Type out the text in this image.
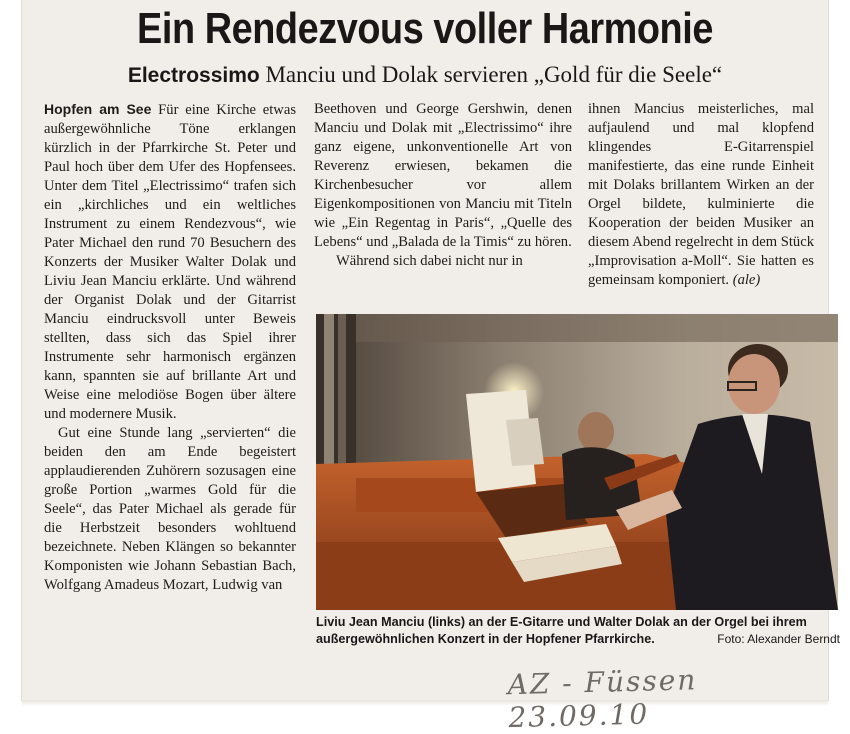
Ein Rendezvous voller Harmonie
Electrossimo Manciu und Dolak servieren „Gold für die Seele“

Hopfen am See Für eine Kirche etwas außergewöhnliche Töne erklangen kürzlich in der Pfarrkirche St. Peter und Paul hoch über dem Ufer des Hopfensees. Unter dem Titel „Electrissimo“ trafen sich ein „kirchliches und ein weltliches Instrument zu einem Rendezvous“, wie Pater Michael den rund 70 Besuchern des Konzerts der Musiker Walter Dolak und Liviu Jean Manciu erklärte. Und während der Organist Dolak und der Gitarrist Manciu eindrucksvoll unter Beweis stellten, dass sich das Spiel ihrer Instrumente sehr harmonisch ergänzen kann, spannten sie auf brillante Art und Weise eine melodiöse Bogen über ältere und modernere Musik.

Gut eine Stunde lang „servierten“ die beiden den am Ende begeistert applaudierenden Zuhörern sozusagen eine große Portion „warmes Gold für die Seele“, das Pater Michael als gerade für die Herbstzeit besonders wohltuend bezeichnete. Neben Klängen so bekannter Komponisten wie Johann Sebastian Bach, Wolfgang Amadeus Mozart, Ludwig van

ihnen Mancius meisterliches, mal aufjaulend und mal klopfend klingendes E-Gitarrenspiel manifestierte, das eine runde Einheit mit Dolaks brillantem Wirken an der Orgel bildete, kulminierte die Kooperation der beiden Musiker an diesem Abend regelrecht in dem Stück „Improvisation a-Moll“. Sie hatten es gemeinsam komponiert. (ale)

Liviu Jean Manciu (links) an der E-Gitarre und Walter Dolak an der Orgel bei ihrem außergewöhnlichen Konzert in der Hopfener Pfarrkirche.	Foto: Alexander Berndt
AZ - Füssen 23.09.10

Beethoven und George Gershwin, denen Manciu und Dolak mit „Electrissimo“ ihre ganz eigene, unkonventionelle Art von Reverenz erwiesen, bekamen die Kirchenbesucher vor allem Eigenkompositionen von Manciu mit Titeln wie „Ein Regentag in Paris“, „Quelle des Lebens“ und „Balada de la Timis“ zu hören.

Während sich dabei nicht nur in
